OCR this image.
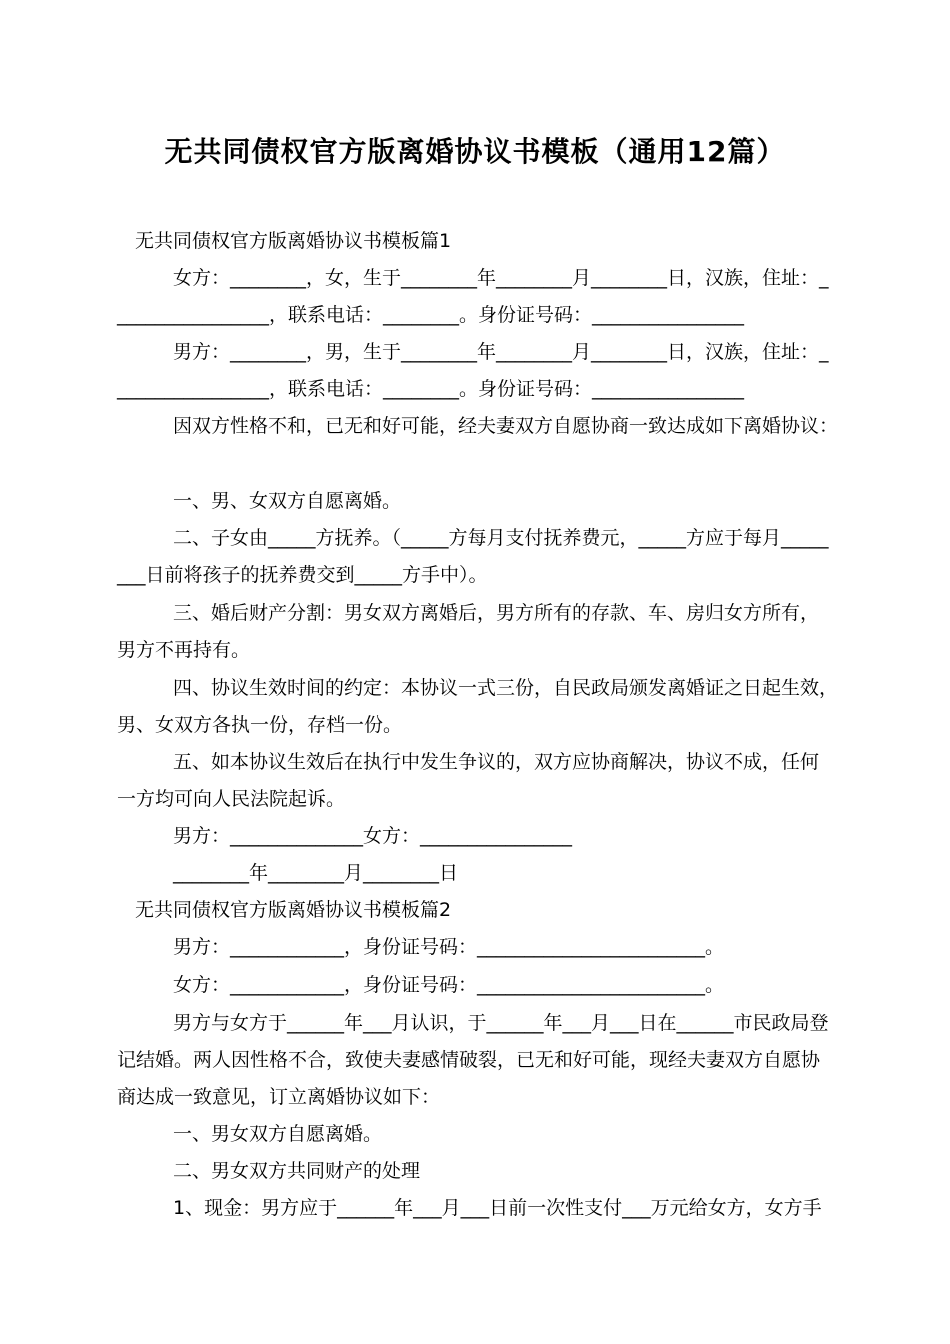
无共同债权官方版离婚协议书模板（通用12篇）
无共同债权官方版离婚协议书模板篇1
女方：________，女，生于________年________月________日，汉族，住址：_
________________，联系电话：________。身份证号码：________________
男方：________，男，生于________年________月________日，汉族，住址：_
________________，联系电话：________。身份证号码：________________
因双方性格不和，已无和好可能，经夫妻双方自愿协商一致达成如下离婚协议：
一、男、女双方自愿离婚。
二、子女由_____方抚养。（_____方每月支付抚养费元，_____方应于每月_____
___日前将孩子的抚养费交到_____方手中）。
三、婚后财产分割：男女双方离婚后，男方所有的存款、车、房归女方所有，
男方不再持有。
四、协议生效时间的约定：本协议一式三份，自民政局颁发离婚证之日起生效，
男、女双方各执一份，存档一份。
五、如本协议生效后在执行中发生争议的，双方应协商解决，协议不成，任何
一方均可向人民法院起诉。
男方：______________女方：________________
________年________月________日
无共同债权官方版离婚协议书模板篇2
男方：____________，身份证号码：________________________。
女方：____________，身份证号码：________________________。
男方与女方于______年___月认识，于______年___月___日在______市民政局登
记结婚。两人因性格不合，致使夫妻感情破裂，已无和好可能，现经夫妻双方自愿协
商达成一致意见，订立离婚协议如下：
一、男女双方自愿离婚。
二、男女双方共同财产的处理
1、现金：男方应于______年___月___日前一次性支付___万元给女方，女方手
